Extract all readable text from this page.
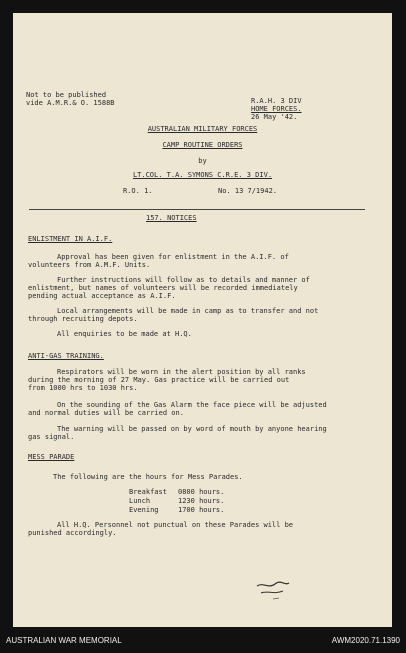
Not to be published
vide A.M.R.& O. 1588B	R.A.H. 3 DIV
HOME FORCES.
26 May '42.
AUSTRALIAN MILITARY FORCES
CAMP ROUTINE ORDERS
by
LT.COL. T.A. SYMONS C.R.E. 3 DIV.
R.O. 1.	No. 13 7/1942.
157. NOTICES
ENLISTMENT IN A.I.F.
Approval has been given for enlistment in the A.I.F. of
volunteers from A.M.F. Units.
Further instructions will follow as to details and manner of
enlistment, but names of volunteers will be recorded immediately
pending actual acceptance as A.I.F.
Local arrangements will be made in camp as to transfer and not
through recruiting depots.
All enquiries to be made at H.Q.
ANTI-GAS TRAINING.
Respirators will be worn in the alert position by all ranks
during the morning of 27 May. Gas practice will be carried out
from 1000 hrs to 1030 hrs.
On the sounding of the Gas Alarm the face piece will be adjusted
and normal duties will be carried on.
The warning will be passed on by word of mouth by anyone hearing
gas signal.
MESS PARADE
The following are the hours for Mess Parades.
Breakfast 0800 hours.
Lunch	1230 hours.
Evening	1700 hours.
All H.Q. Personnel not punctual on these Parades will be
punished accordingly.
AUSTRALIAN WAR MEMORIAL	AWM2020.71.1390
